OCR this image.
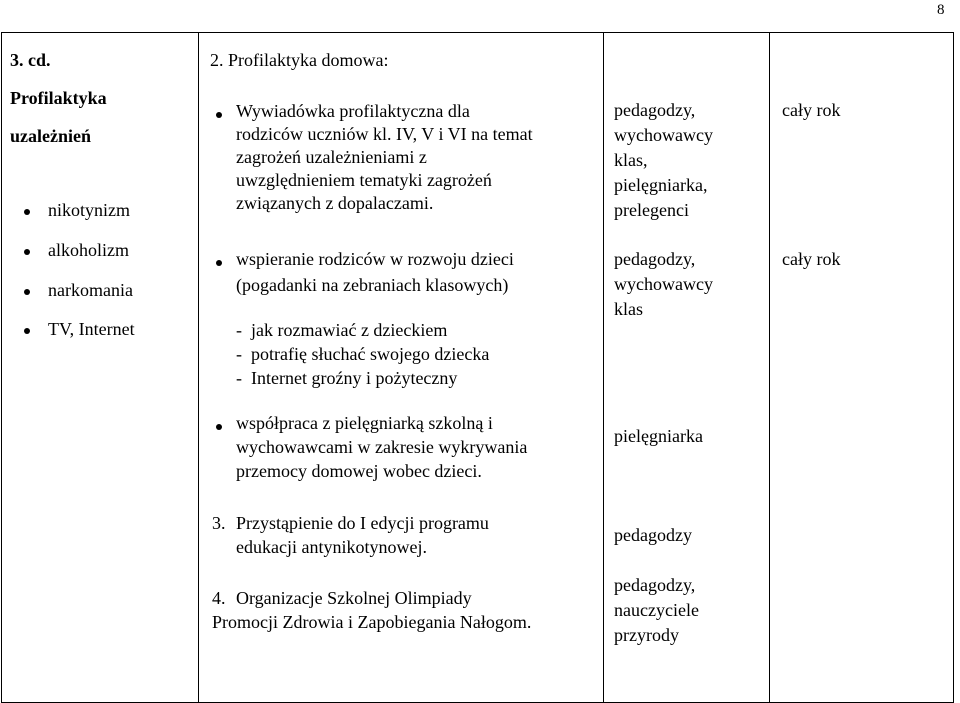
8
3. cd.
Profilaktyka
uzależnień
nikotynizm
alkoholizm
narkomania
TV, Internet
2. Profilaktyka domowa:
Wywiadówka profilaktyczna dla
rodziców uczniów kl. IV, V i VI na temat
zagrożeń uzależnieniami z
uwzględnieniem tematyki zagrożeń
związanych z dopalaczami.
wspieranie rodziców w rozwoju dzieci
(pogadanki na zebraniach klasowych)
- jak rozmawiać z dzieckiem
- potrafię słuchać swojego dziecka
- Internet groźny i pożyteczny
współpraca z pielęgniarką szkolną i
wychowawcami w zakresie wykrywania
przemocy domowej wobec dzieci.
3. Przystąpienie do I edycji programu
edukacji antynikotynowej.
4. Organizacje Szkolnej Olimpiady
Promocji Zdrowia i Zapobiegania Nałogom.
pedagodzy,
wychowawcy
klas,
pielęgniarka,
prelegenci
pedagodzy,
wychowawcy
klas
pielęgniarka
pedagodzy
pedagodzy,
nauczyciele
przyrody
cały rok
cały rok
